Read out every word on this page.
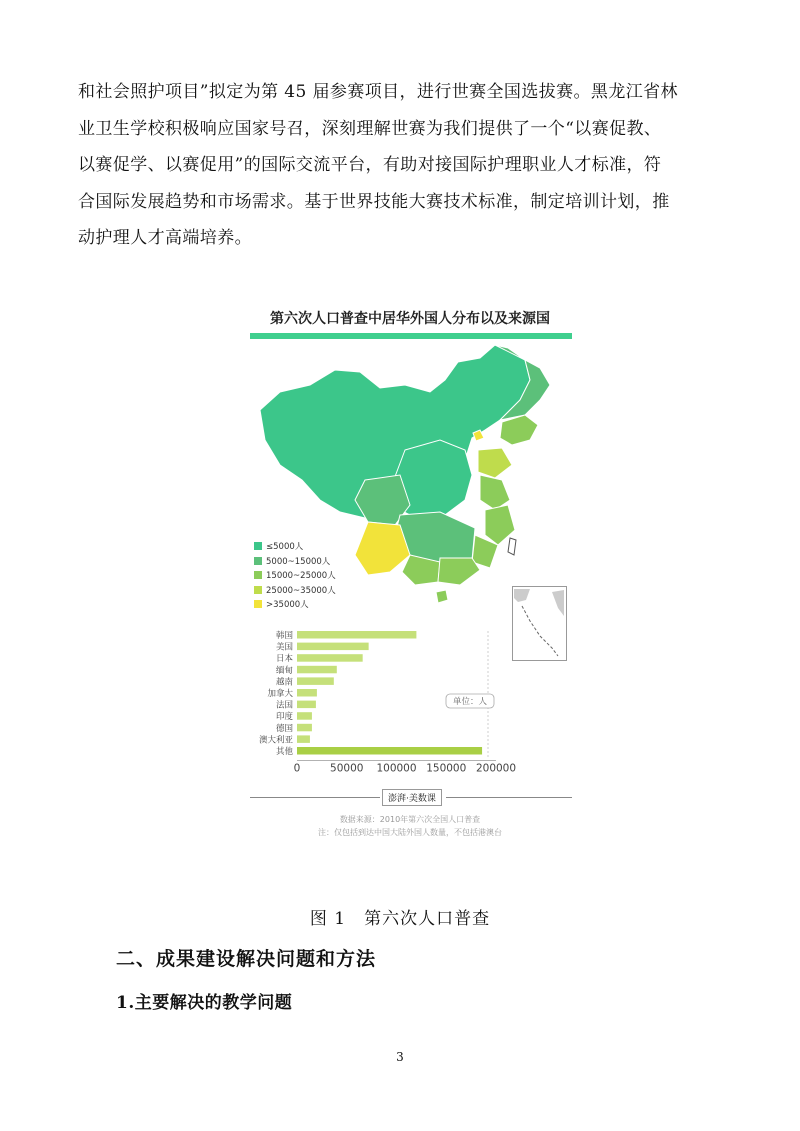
和社会照护项目”拟定为第 45 届参赛项目，进行世赛全国选拔赛。黑龙江省林
业卫生学校积极响应国家号召，深刻理解世赛为我们提供了一个“以赛促教、
以赛促学、以赛促用”的国际交流平台，有助对接国际护理职业人才标准，符
合国际发展趋势和市场需求。基于世界技能大赛技术标准，制定培训计划，推
动护理人才高端培养。
第六次人口普查中居华外国人分布以及来源国
≤5000人
5000~15000人
15000~25000人
25000~35000人
>35000人
韩国
美国
日本
缅甸
越南
加拿大
法国
印度
德国
澳大利亚
其他
0	50000 100000 150000 200000
单位：人
澎湃·美数课
数据来源：2010年第六次全国人口普查
注：仅包括到达中国大陆外国人数量，不包括港澳台
图 1　第六次人口普查
二、成果建设解决问题和方法
1.主要解决的教学问题
3
